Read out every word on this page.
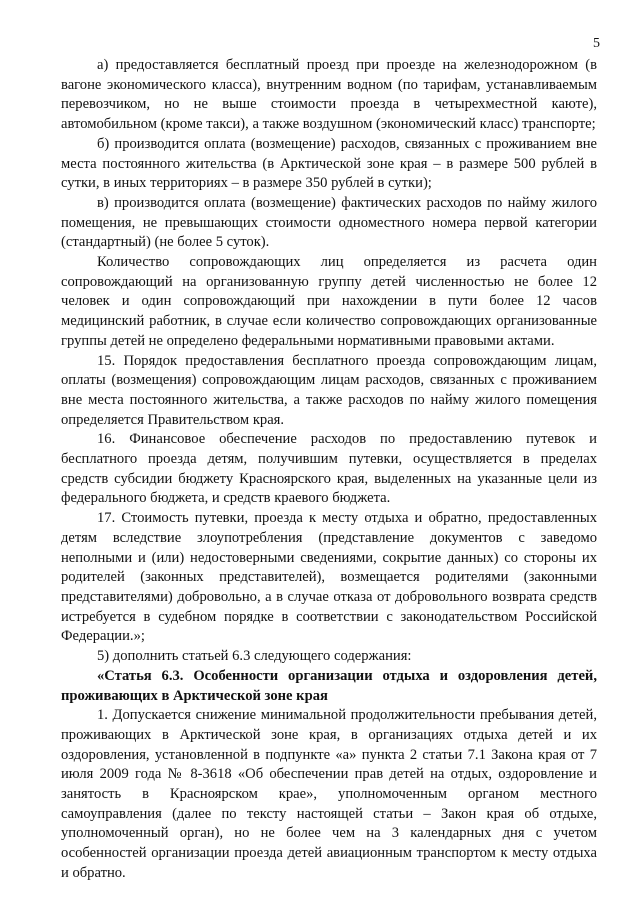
5

а) предоставляется бесплатный проезд при проезде на железнодорожном (в вагоне экономического класса), внутренним водном (по тарифам, устанавливаемым перевозчиком, но не выше стоимости проезда в четырехместной каюте), автомобильном (кроме такси), а также воздушном (экономический класс) транспорте;

б) производится оплата (возмещение) расходов, связанных с проживанием вне места постоянного жительства (в Арктической зоне края – в размере 500 рублей в сутки, в иных территориях – в размере 350 рублей в сутки);

в) производится оплата (возмещение) фактических расходов по найму жилого помещения, не превышающих стоимости одноместного номера первой категории (стандартный) (не более 5 суток).

Количество сопровождающих лиц определяется из расчета один сопровождающий на организованную группу детей численностью не более 12 человек и один сопровождающий при нахождении в пути более 12 часов медицинский работник, в случае если количество сопровождающих организованные группы детей не определено федеральными нормативными правовыми актами.

15. Порядок предоставления бесплатного проезда сопровождающим лицам, оплаты (возмещения) сопровождающим лицам расходов, связанных с проживанием вне места постоянного жительства, а также расходов по найму жилого помещения определяется Правительством края.

16. Финансовое обеспечение расходов по предоставлению путевок и бесплатного проезда детям, получившим путевки, осуществляется в пределах средств субсидии бюджету Красноярского края, выделенных на указанные цели из федерального бюджета, и средств краевого бюджета.

17. Стоимость путевки, проезда к месту отдыха и обратно, предоставленных детям вследствие злоупотребления (представление документов с заведомо неполными и (или) недостоверными сведениями, сокрытие данных) со стороны их родителей (законных представителей), возмещается родителями (законными представителями) добровольно, а в случае отказа от добровольного возврата средств истребуется в судебном порядке в соответствии с законодательством Российской Федерации.»;

5) дополнить статьей 6.3 следующего содержания:

«Статья 6.3. Особенности организации отдыха и оздоровления детей, проживающих в Арктической зоне края

1. Допускается снижение минимальной продолжительности пребывания детей, проживающих в Арктической зоне края, в организациях отдыха детей и их оздоровления, установленной в подпункте «а» пункта 2 статьи 7.1 Закона края от 7 июля 2009 года № 8-3618 «Об обеспечении прав детей на отдых, оздоровление и занятость в Красноярском крае», уполномоченным органом местного самоуправления (далее по тексту настоящей статьи – Закон края об отдыхе, уполномоченный орган), но не более чем на 3 календарных дня с учетом особенностей организации проезда детей авиационным транспортом к месту отдыха и обратно.
